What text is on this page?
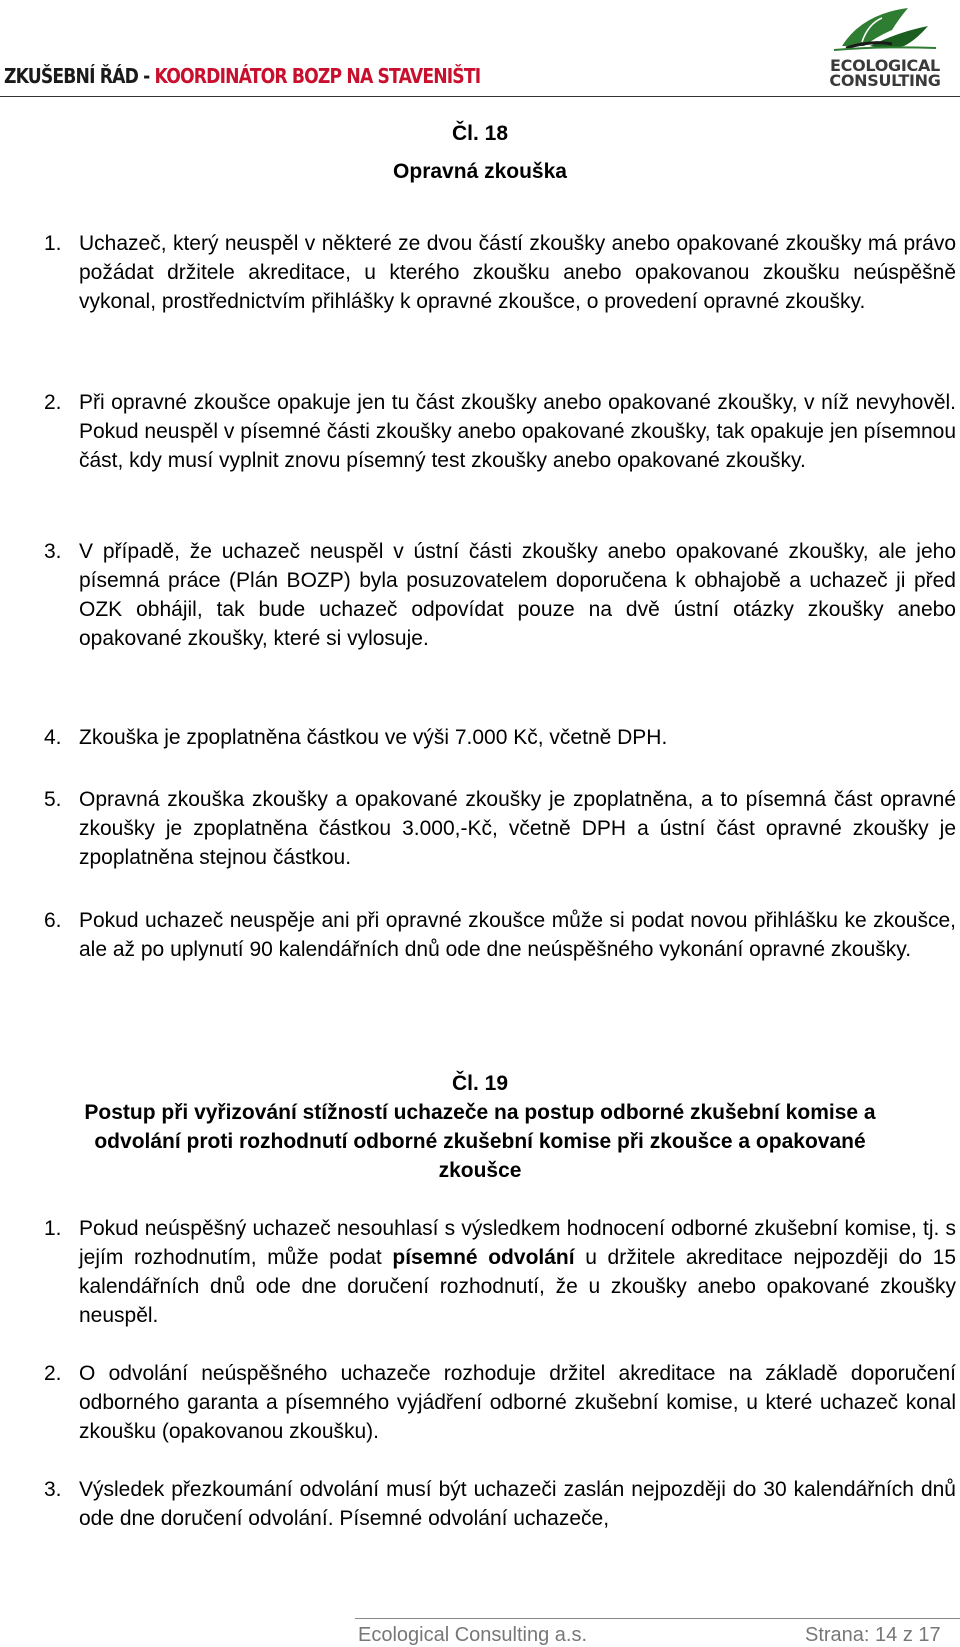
ZKUŠEBNÍ ŘÁD - KOORDINÁTOR BOZP NA STAVENIŠTI	ECOLOGICAL
CONSULTING
Čl. 18
Opravná zkouška
1. Uchazeč, který neuspěl v některé ze dvou částí zkoušky anebo opakované zkoušky má právo požádat držitele akreditace, u kterého zkoušku anebo opakovanou zkoušku neúspěšně vykonal, prostřednictvím přihlášky k opravné zkoušce, o provedení opravné zkoušky.
2. Při opravné zkoušce opakuje jen tu část zkoušky anebo opakované zkoušky, v níž nevyhověl. Pokud neuspěl v písemné části zkoušky anebo opakované zkoušky, tak opakuje jen písemnou část, kdy musí vyplnit znovu písemný test zkoušky anebo opakované zkoušky.
3. V případě, že uchazeč neuspěl v ústní části zkoušky anebo opakované zkoušky, ale jeho písemná práce (Plán BOZP) byla posuzovatelem doporučena k obhajobě a uchazeč ji před OZK obhájil, tak bude uchazeč odpovídat pouze na dvě ústní otázky zkoušky anebo opakované zkoušky, které si vylosuje.
4. Zkouška je zpoplatněna částkou ve výši 7.000 Kč, včetně DPH.
5. Opravná zkouška zkoušky a opakované zkoušky je zpoplatněna, a to písemná část opravné zkoušky je zpoplatněna částkou 3.000,-Kč, včetně DPH a ústní část opravné zkoušky je zpoplatněna stejnou částkou.
6. Pokud uchazeč neuspěje ani při opravné zkoušce může si podat novou přihlášku ke zkoušce, ale až po uplynutí 90 kalendářních dnů ode dne neúspěšného vykonání opravné zkoušky.
Čl. 19
Postup při vyřizování stížností uchazeče na postup odborné zkušební komise a
odvolání proti rozhodnutí odborné zkušební komise při zkoušce a opakované
zkoušce
1. Pokud neúspěšný uchazeč nesouhlasí s výsledkem hodnocení odborné zkušební komise, tj. s jejím rozhodnutím, může podat písemné odvolání u držitele akreditace nejpozději do 15 kalendářních dnů ode dne doručení rozhodnutí, že u zkoušky anebo opakované zkoušky neuspěl.
2. O odvolání neúspěšného uchazeče rozhoduje držitel akreditace na základě doporučení odborného garanta a písemného vyjádření odborné zkušební komise, u které uchazeč konal zkoušku (opakovanou zkoušku).
3. Výsledek přezkoumání odvolání musí být uchazeči zaslán nejpozději do 30 kalendářních dnů ode dne doručení odvolání. Písemné odvolání uchazeče,
Ecological Consulting a.s.	Strana: 14 z 17
